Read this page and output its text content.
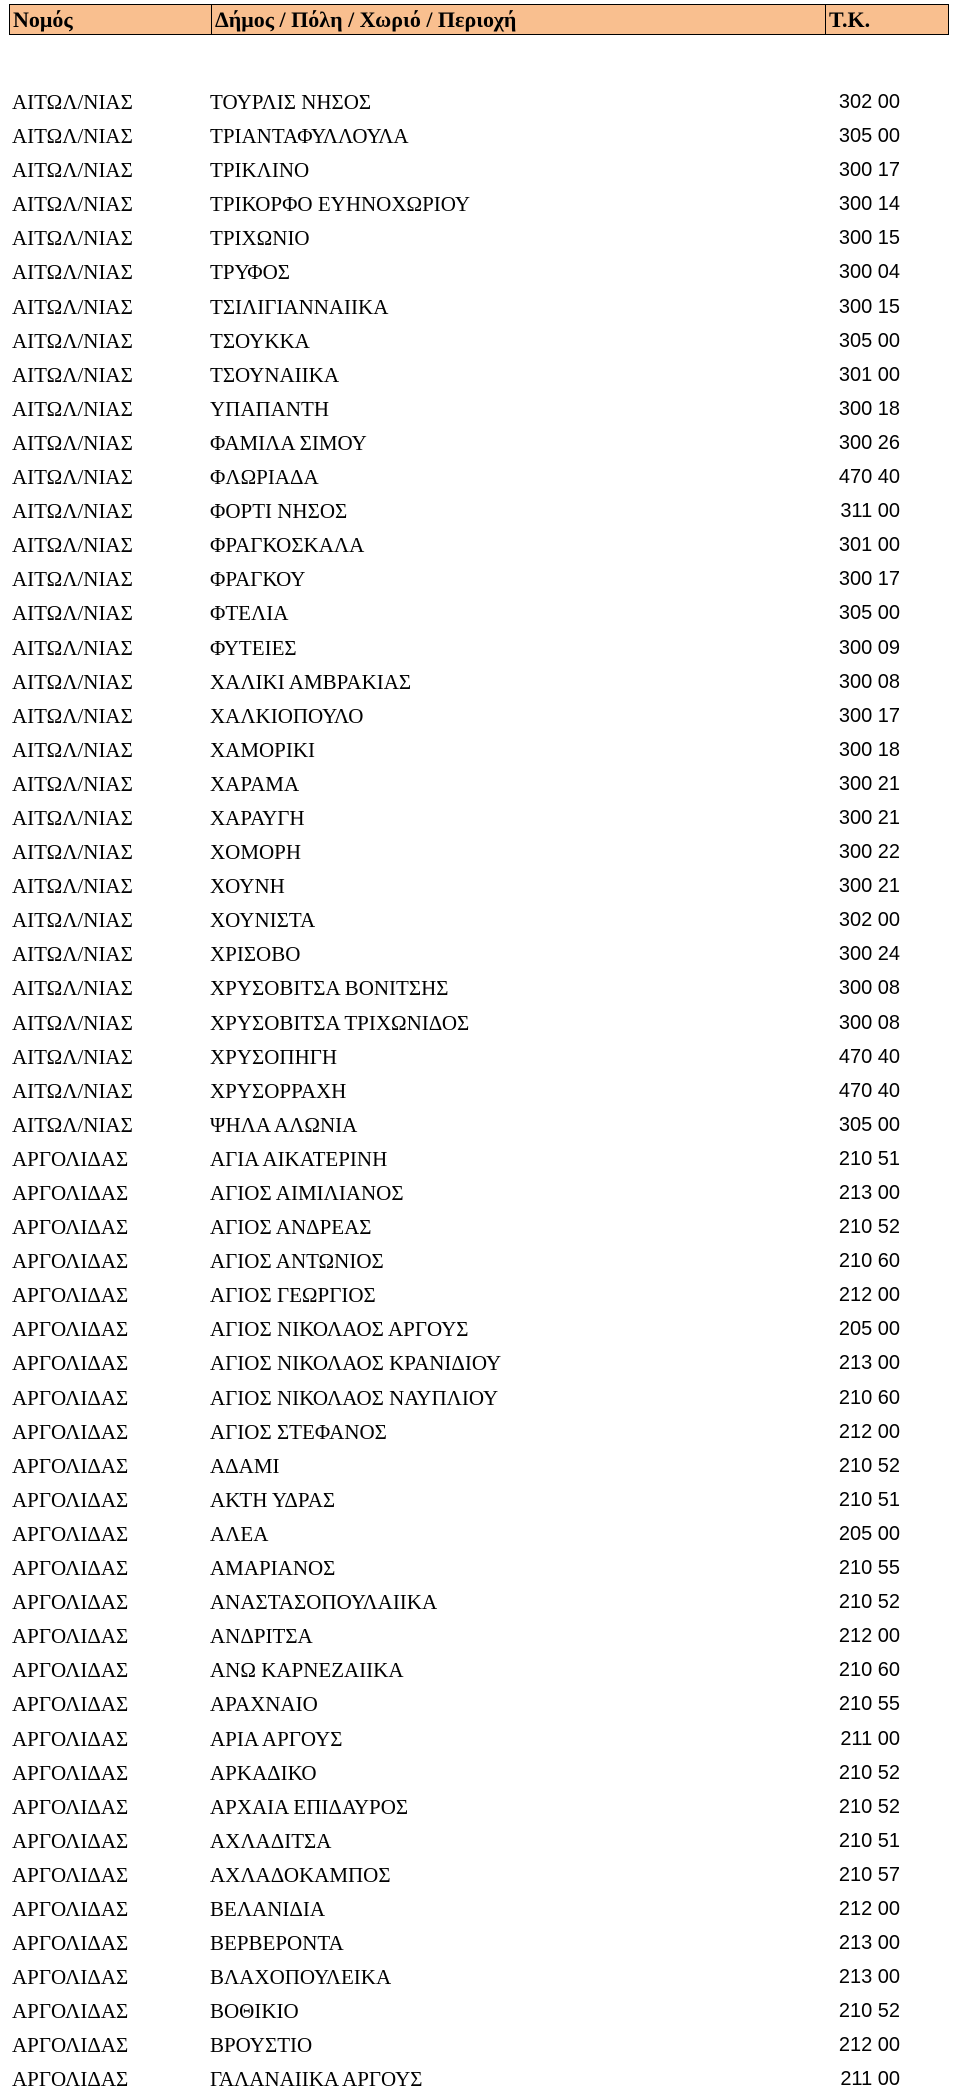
Νομός	Δήμος / Πόλη / Χωριό / Περιοχή	Τ.Κ.
ΑΙΤΩΛ/ΝΙΑΣ	ΤΟΥΡΛΙΣ ΝΗΣΟΣ	302 00
ΑΙΤΩΛ/ΝΙΑΣ	ΤΡΙΑΝΤΑΦΥΛΛΟΥΛΑ	305 00
ΑΙΤΩΛ/ΝΙΑΣ	ΤΡΙΚΛΙΝΟ	300 17
ΑΙΤΩΛ/ΝΙΑΣ	ΤΡΙΚΟΡΦΟ ΕΥΗΝΟΧΩΡΙΟΥ	300 14
ΑΙΤΩΛ/ΝΙΑΣ	ΤΡΙΧΩΝΙΟ	300 15
ΑΙΤΩΛ/ΝΙΑΣ	ΤΡΥΦΟΣ	300 04
ΑΙΤΩΛ/ΝΙΑΣ	ΤΣΙΛΙΓΙΑΝΝΑΙΙΚΑ	300 15
ΑΙΤΩΛ/ΝΙΑΣ	ΤΣΟΥΚΚΑ	305 00
ΑΙΤΩΛ/ΝΙΑΣ	ΤΣΟΥΝΑΙΙΚΑ	301 00
ΑΙΤΩΛ/ΝΙΑΣ	ΥΠΑΠΑΝΤΗ	300 18
ΑΙΤΩΛ/ΝΙΑΣ	ΦΑΜΙΛΑ ΣΙΜΟΥ	300 26
ΑΙΤΩΛ/ΝΙΑΣ	ΦΛΩΡΙΑΔΑ	470 40
ΑΙΤΩΛ/ΝΙΑΣ	ΦΟΡΤΙ ΝΗΣΟΣ	311 00
ΑΙΤΩΛ/ΝΙΑΣ	ΦΡΑΓΚΟΣΚΑΛΑ	301 00
ΑΙΤΩΛ/ΝΙΑΣ	ΦΡΑΓΚΟΥ	300 17
ΑΙΤΩΛ/ΝΙΑΣ	ΦΤΕΛΙΑ	305 00
ΑΙΤΩΛ/ΝΙΑΣ	ΦΥΤΕΙΕΣ	300 09
ΑΙΤΩΛ/ΝΙΑΣ	ΧΑΛΙΚΙ ΑΜΒΡΑΚΙΑΣ	300 08
ΑΙΤΩΛ/ΝΙΑΣ	ΧΑΛΚΙΟΠΟΥΛΟ	300 17
ΑΙΤΩΛ/ΝΙΑΣ	ΧΑΜΟΡΙΚΙ	300 18
ΑΙΤΩΛ/ΝΙΑΣ	ΧΑΡΑΜΑ	300 21
ΑΙΤΩΛ/ΝΙΑΣ	ΧΑΡΑΥΓΗ	300 21
ΑΙΤΩΛ/ΝΙΑΣ	ΧΟΜΟΡΗ	300 22
ΑΙΤΩΛ/ΝΙΑΣ	ΧΟΥΝΗ	300 21
ΑΙΤΩΛ/ΝΙΑΣ	ΧΟΥΝΙΣΤΑ	302 00
ΑΙΤΩΛ/ΝΙΑΣ	ΧΡΙΣΟΒΟ	300 24
ΑΙΤΩΛ/ΝΙΑΣ	ΧΡΥΣΟΒΙΤΣΑ ΒΟΝΙΤΣΗΣ	300 08
ΑΙΤΩΛ/ΝΙΑΣ	ΧΡΥΣΟΒΙΤΣΑ ΤΡΙΧΩΝΙΔΟΣ	300 08
ΑΙΤΩΛ/ΝΙΑΣ	ΧΡΥΣΟΠΗΓΗ	470 40
ΑΙΤΩΛ/ΝΙΑΣ	ΧΡΥΣΟΡΡΑΧΗ	470 40
ΑΙΤΩΛ/ΝΙΑΣ	ΨΗΛΑ ΑΛΩΝΙΑ	305 00
ΑΡΓΟΛΙΔΑΣ	ΑΓΙΑ ΑΙΚΑΤΕΡΙΝΗ	210 51
ΑΡΓΟΛΙΔΑΣ	ΑΓΙΟΣ ΑΙΜΙΛΙΑΝΟΣ	213 00
ΑΡΓΟΛΙΔΑΣ	ΑΓΙΟΣ ΑΝΔΡΕΑΣ	210 52
ΑΡΓΟΛΙΔΑΣ	ΑΓΙΟΣ ΑΝΤΩΝΙΟΣ	210 60
ΑΡΓΟΛΙΔΑΣ	ΑΓΙΟΣ ΓΕΩΡΓΙΟΣ	212 00
ΑΡΓΟΛΙΔΑΣ	ΑΓΙΟΣ ΝΙΚΟΛΑΟΣ ΑΡΓΟΥΣ	205 00
ΑΡΓΟΛΙΔΑΣ	ΑΓΙΟΣ ΝΙΚΟΛΑΟΣ ΚΡΑΝΙΔΙΟΥ	213 00
ΑΡΓΟΛΙΔΑΣ	ΑΓΙΟΣ ΝΙΚΟΛΑΟΣ ΝΑΥΠΛΙΟΥ	210 60
ΑΡΓΟΛΙΔΑΣ	ΑΓΙΟΣ ΣΤΕΦΑΝΟΣ	212 00
ΑΡΓΟΛΙΔΑΣ	ΑΔΑΜΙ	210 52
ΑΡΓΟΛΙΔΑΣ	ΑΚΤΗ ΥΔΡΑΣ	210 51
ΑΡΓΟΛΙΔΑΣ	ΑΛΕΑ	205 00
ΑΡΓΟΛΙΔΑΣ	ΑΜΑΡΙΑΝΟΣ	210 55
ΑΡΓΟΛΙΔΑΣ	ΑΝΑΣΤΑΣΟΠΟΥΛΑΙΙΚΑ	210 52
ΑΡΓΟΛΙΔΑΣ	ΑΝΔΡΙΤΣΑ	212 00
ΑΡΓΟΛΙΔΑΣ	ΑΝΩ ΚΑΡΝΕΖΑΙΙΚΑ	210 60
ΑΡΓΟΛΙΔΑΣ	ΑΡΑΧΝΑΙΟ	210 55
ΑΡΓΟΛΙΔΑΣ	ΑΡΙΑ ΑΡΓΟΥΣ	211 00
ΑΡΓΟΛΙΔΑΣ	ΑΡΚΑΔΙΚΟ	210 52
ΑΡΓΟΛΙΔΑΣ	ΑΡΧΑΙΑ ΕΠΙΔΑΥΡΟΣ	210 52
ΑΡΓΟΛΙΔΑΣ	ΑΧΛΑΔΙΤΣΑ	210 51
ΑΡΓΟΛΙΔΑΣ	ΑΧΛΑΔΟΚΑΜΠΟΣ	210 57
ΑΡΓΟΛΙΔΑΣ	ΒΕΛΑΝΙΔΙΑ	212 00
ΑΡΓΟΛΙΔΑΣ	ΒΕΡΒΕΡΟΝΤΑ	213 00
ΑΡΓΟΛΙΔΑΣ	ΒΛΑΧΟΠΟΥΛΕΙΚΑ	213 00
ΑΡΓΟΛΙΔΑΣ	ΒΟΘΙΚΙΟ	210 52
ΑΡΓΟΛΙΔΑΣ	ΒΡΟΥΣΤΙΟ	212 00
ΑΡΓΟΛΙΔΑΣ	ΓΑΛΑΝΑΙΙΚΑ ΑΡΓΟΥΣ	211 00
